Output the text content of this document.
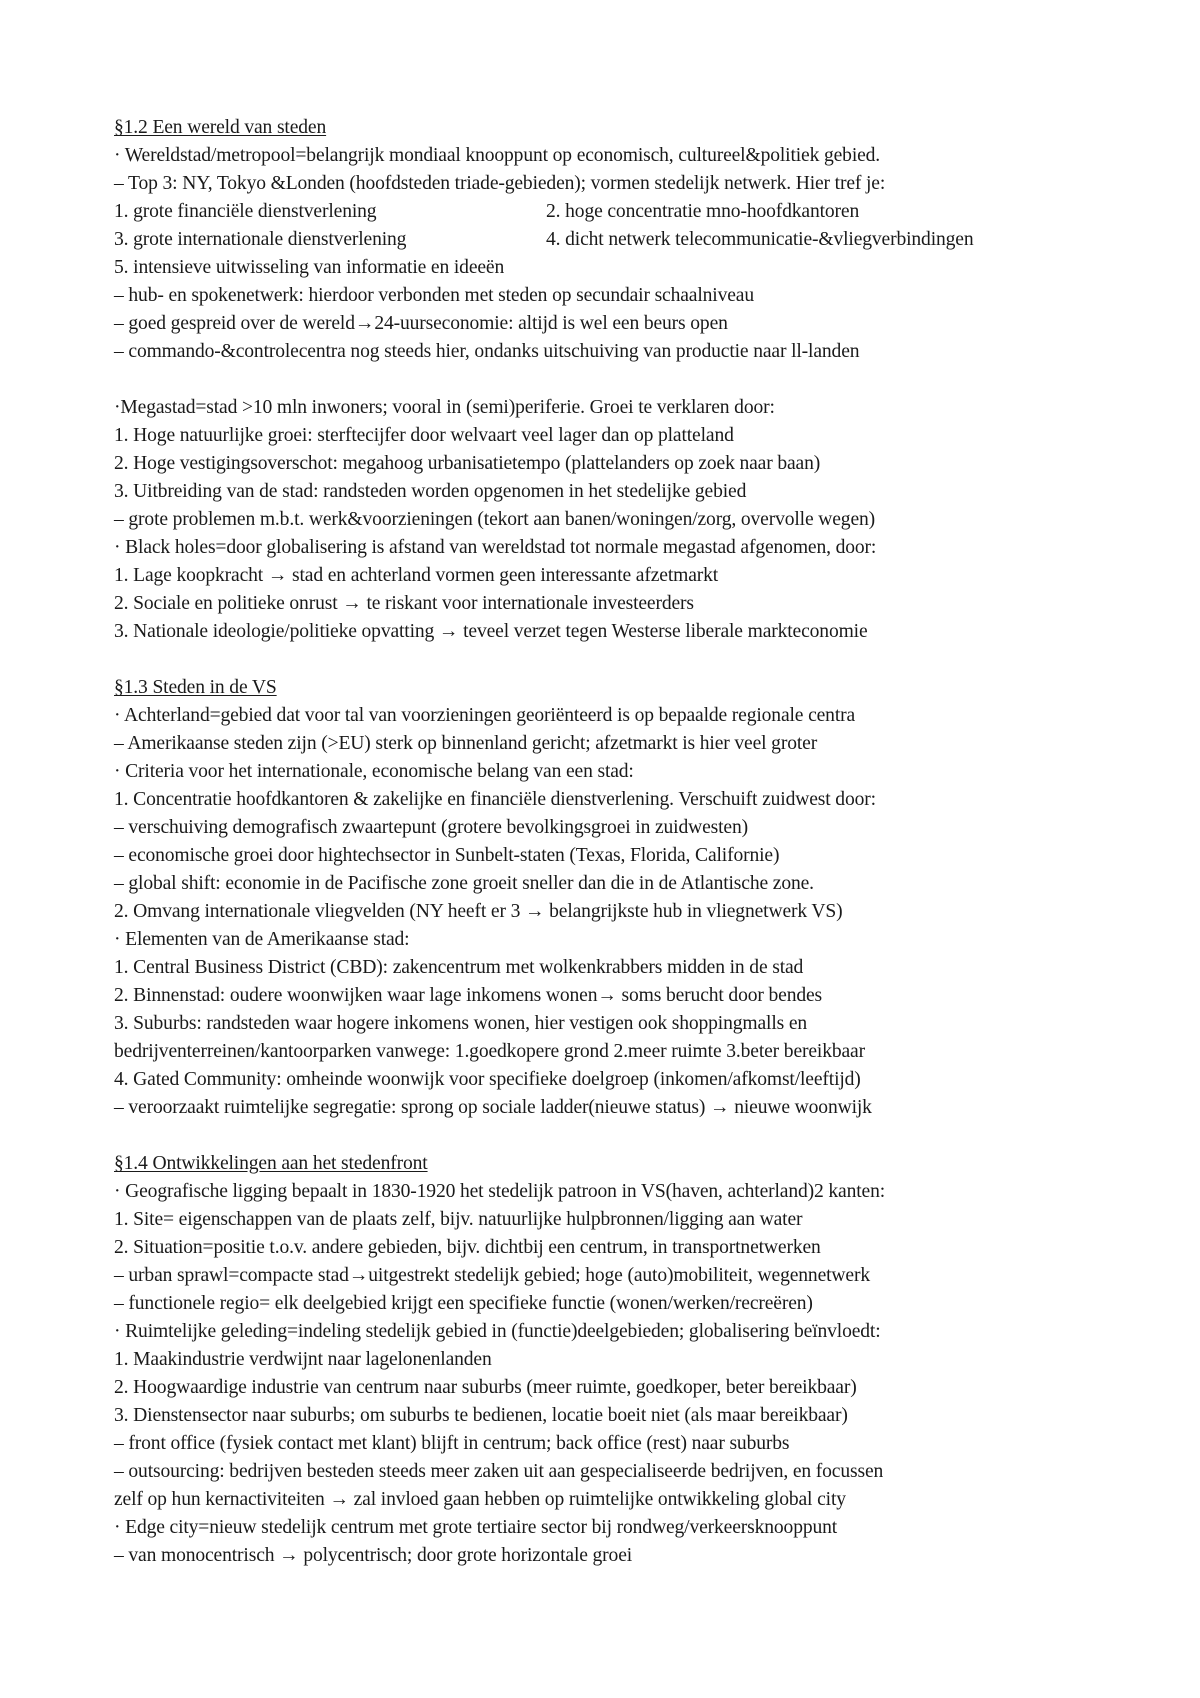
§1.2 Een wereld van steden
· Wereldstad/metropool=belangrijk mondiaal knooppunt op economisch, cultureel&politiek gebied.
– Top 3: NY, Tokyo &Londen (hoofdsteden triade-gebieden); vormen stedelijk netwerk. Hier tref je:
1. grote financiële dienstverlening	2. hoge concentratie mno-hoofdkantoren
3. grote internationale dienstverlening	4. dicht netwerk telecommunicatie-&vliegverbindingen
5. intensieve uitwisseling van informatie en ideeën
– hub- en spokenetwerk: hierdoor verbonden met steden op secundair schaalniveau
– goed gespreid over de wereld→24-uurseconomie: altijd is wel een beurs open
– commando-&controlecentra nog steeds hier, ondanks uitschuiving van productie naar ll-landen
·Megastad=stad >10 mln inwoners; vooral in (semi)periferie. Groei te verklaren door:
1. Hoge natuurlijke groei: sterftecijfer door welvaart veel lager dan op platteland
2. Hoge vestigingsoverschot: megahoog urbanisatietempo (plattelanders op zoek naar baan)
3. Uitbreiding van de stad: randsteden worden opgenomen in het stedelijke gebied
– grote problemen m.b.t. werk&voorzieningen (tekort aan banen/woningen/zorg, overvolle wegen)
· Black holes=door globalisering is afstand van wereldstad tot normale megastad afgenomen, door:
1. Lage koopkracht → stad en achterland vormen geen interessante afzetmarkt
2. Sociale en politieke onrust → te riskant voor internationale investeerders
3. Nationale ideologie/politieke opvatting → teveel verzet tegen Westerse liberale markteconomie
§1.3 Steden in de VS
· Achterland=gebied dat voor tal van voorzieningen georiënteerd is op bepaalde regionale centra
– Amerikaanse steden zijn (>EU) sterk op binnenland gericht; afzetmarkt is hier veel groter
· Criteria voor het internationale, economische belang van een stad:
1. Concentratie hoofdkantoren & zakelijke en financiële dienstverlening. Verschuift zuidwest door:
– verschuiving demografisch zwaartepunt (grotere bevolkingsgroei in zuidwesten)
– economische groei door hightechsector in Sunbelt-staten (Texas, Florida, Californie)
– global shift: economie in de Pacifische zone groeit sneller dan die in de Atlantische zone.
2. Omvang internationale vliegvelden (NY heeft er 3 → belangrijkste hub in vliegnetwerk VS)
· Elementen van de Amerikaanse stad:
1. Central Business District (CBD): zakencentrum met wolkenkrabbers midden in de stad
2. Binnenstad: oudere woonwijken waar lage inkomens wonen→ soms berucht door bendes
3. Suburbs: randsteden waar hogere inkomens wonen, hier vestigen ook shoppingmalls en
bedrijventerreinen/kantoorparken vanwege: 1.goedkopere grond 2.meer ruimte 3.beter bereikbaar
4. Gated Community: omheinde woonwijk voor specifieke doelgroep (inkomen/afkomst/leeftijd)
– veroorzaakt ruimtelijke segregatie: sprong op sociale ladder(nieuwe status) → nieuwe woonwijk
§1.4 Ontwikkelingen aan het stedenfront
· Geografische ligging bepaalt in 1830-1920 het stedelijk patroon in VS(haven, achterland)2 kanten:
1. Site= eigenschappen van de plaats zelf, bijv. natuurlijke hulpbronnen/ligging aan water
2. Situation=positie t.o.v. andere gebieden, bijv. dichtbij een centrum, in transportnetwerken
– urban sprawl=compacte stad→uitgestrekt stedelijk gebied; hoge (auto)mobiliteit, wegennetwerk
– functionele regio= elk deelgebied krijgt een specifieke functie (wonen/werken/recreëren)
· Ruimtelijke geleding=indeling stedelijk gebied in (functie)deelgebieden; globalisering beïnvloedt:
1. Maakindustrie verdwijnt naar lagelonenlanden
2. Hoogwaardige industrie van centrum naar suburbs (meer ruimte, goedkoper, beter bereikbaar)
3. Dienstensector naar suburbs; om suburbs te bedienen, locatie boeit niet (als maar bereikbaar)
– front office (fysiek contact met klant) blijft in centrum; back office (rest) naar suburbs
– outsourcing: bedrijven besteden steeds meer zaken uit aan gespecialiseerde bedrijven, en focussen
zelf op hun kernactiviteiten → zal invloed gaan hebben op ruimtelijke ontwikkeling global city
· Edge city=nieuw stedelijk centrum met grote tertiaire sector bij rondweg/verkeersknooppunt
– van monocentrisch → polycentrisch; door grote horizontale groei
